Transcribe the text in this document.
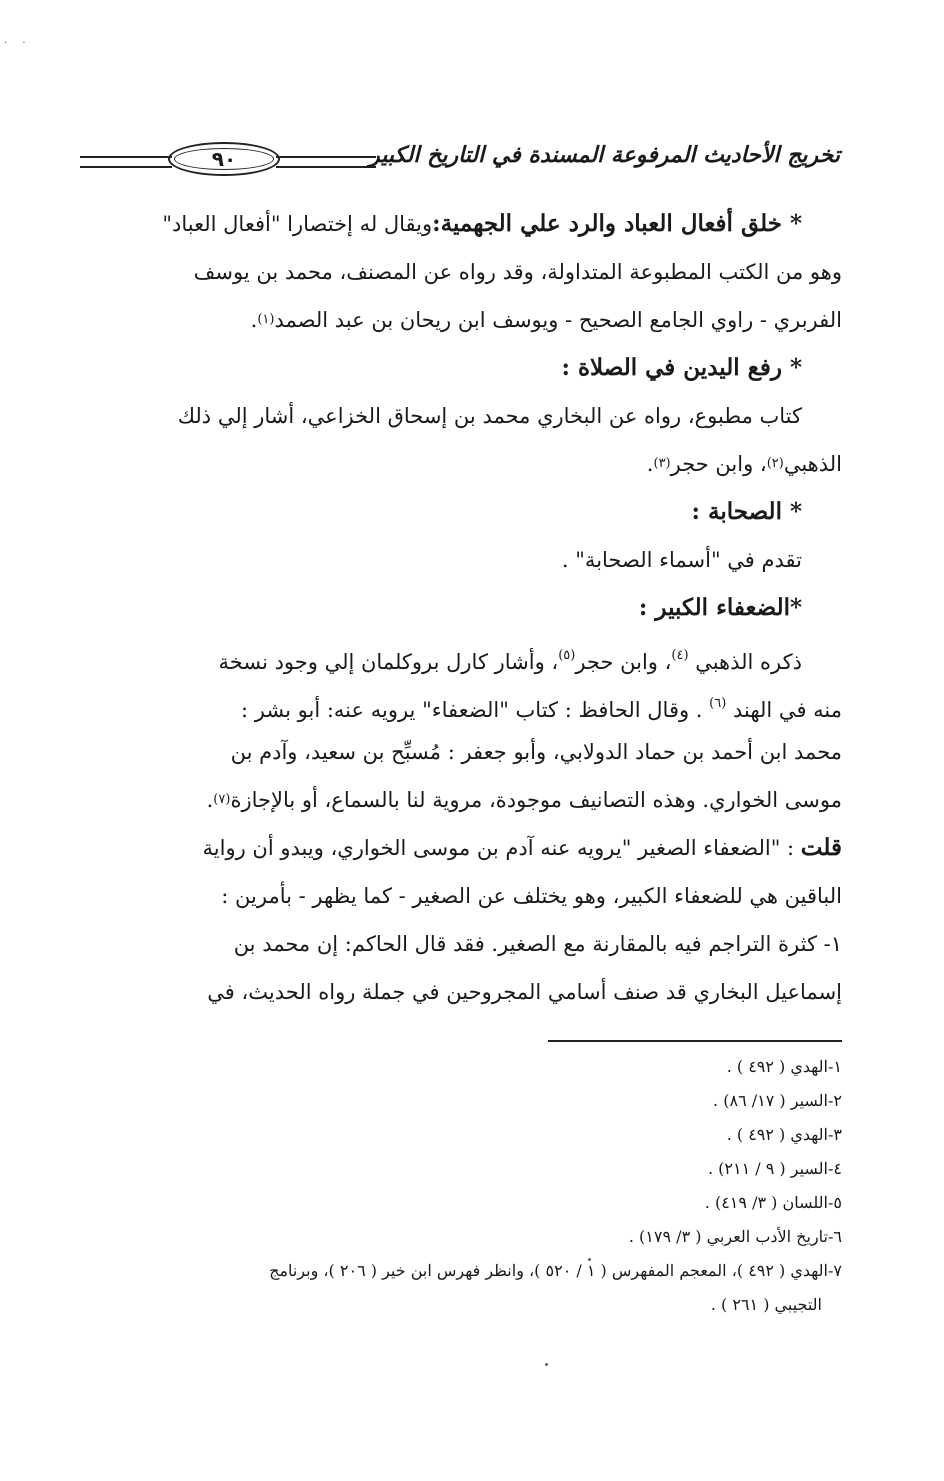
· ·
٩٠	تخريج الأحاديث المرفوعة المسندة في التاريخ الكبير
* خلق أفعال العباد والرد علي الجهمية:ويقال له إختصارا "أفعال العباد"
وهو من الكتب المطبوعة المتداولة، وقد رواه عن المصنف، محمد بن يوسف
الفربري - راوي الجامع الصحيح - ويوسف ابن ريحان بن عبد الصمد
(١)
.
* رفع اليدين في الصلاة :
كتاب مطبوع، رواه عن البخاري محمد بن إسحاق الخزاعي، أشار إلي ذلك
الذهبي
(٢)
، وابن حجر
(٣)
.
* الصحابة :
تقدم في "أسماء الصحابة" .
*الضعفاء الكبير :
ذكره الذهبي $^{(٤)}$، وابن حجر$^{(٥)}$، وأشار كارل بروكلمان إلي وجود نسخة
منه في الهند $^{(٦)}$ . وقال الحافظ : كتاب "الضعفاء" يرويه عنه: أبو بشر :
محمد ابن أحمد بن حماد الدولابي، وأبو جعفر : مُسبِّح بن سعيد، وآدم بن
موسى الخواري. وهذه التصانيف موجودة، مروية لنا بالسماع، أو بالإجازة
(٧)
.
قلت : "الضعفاء الصغير "يرويه عنه آدم بن موسى الخواري، ويبدو أن رواية
الباقين هي للضعفاء الكبير، وهو يختلف عن الصغير - كما يظهر - بأمرين :
١- كثرة التراجم فيه بالمقارنة مع الصغير. فقد قال الحاكم: إن محمد بن
إسماعيل البخاري قد صنف أسامي المجروحين في جملة رواه الحديث، في
١-الهدي ( ٤٩٢ ) .
٢-السير ( ١٧/ ٨٦) .
٣-الهدي ( ٤٩٢ ) .
٤-السير ( ٩ / ٢١١) .
٥-اللسان ( ٣/ ٤١٩) .
٦-تاريخ الأدب العربي ( ٣/ ١٧٩) .
٧-الهدي ( ٤٩٢ )، المعجم المفهرس ( ١ / ٥٢٠ )، وانظر فهرس ابن خير ( ٢٠٦ )، وبرنامج
التجيبي ( ٢٦١ ) .
